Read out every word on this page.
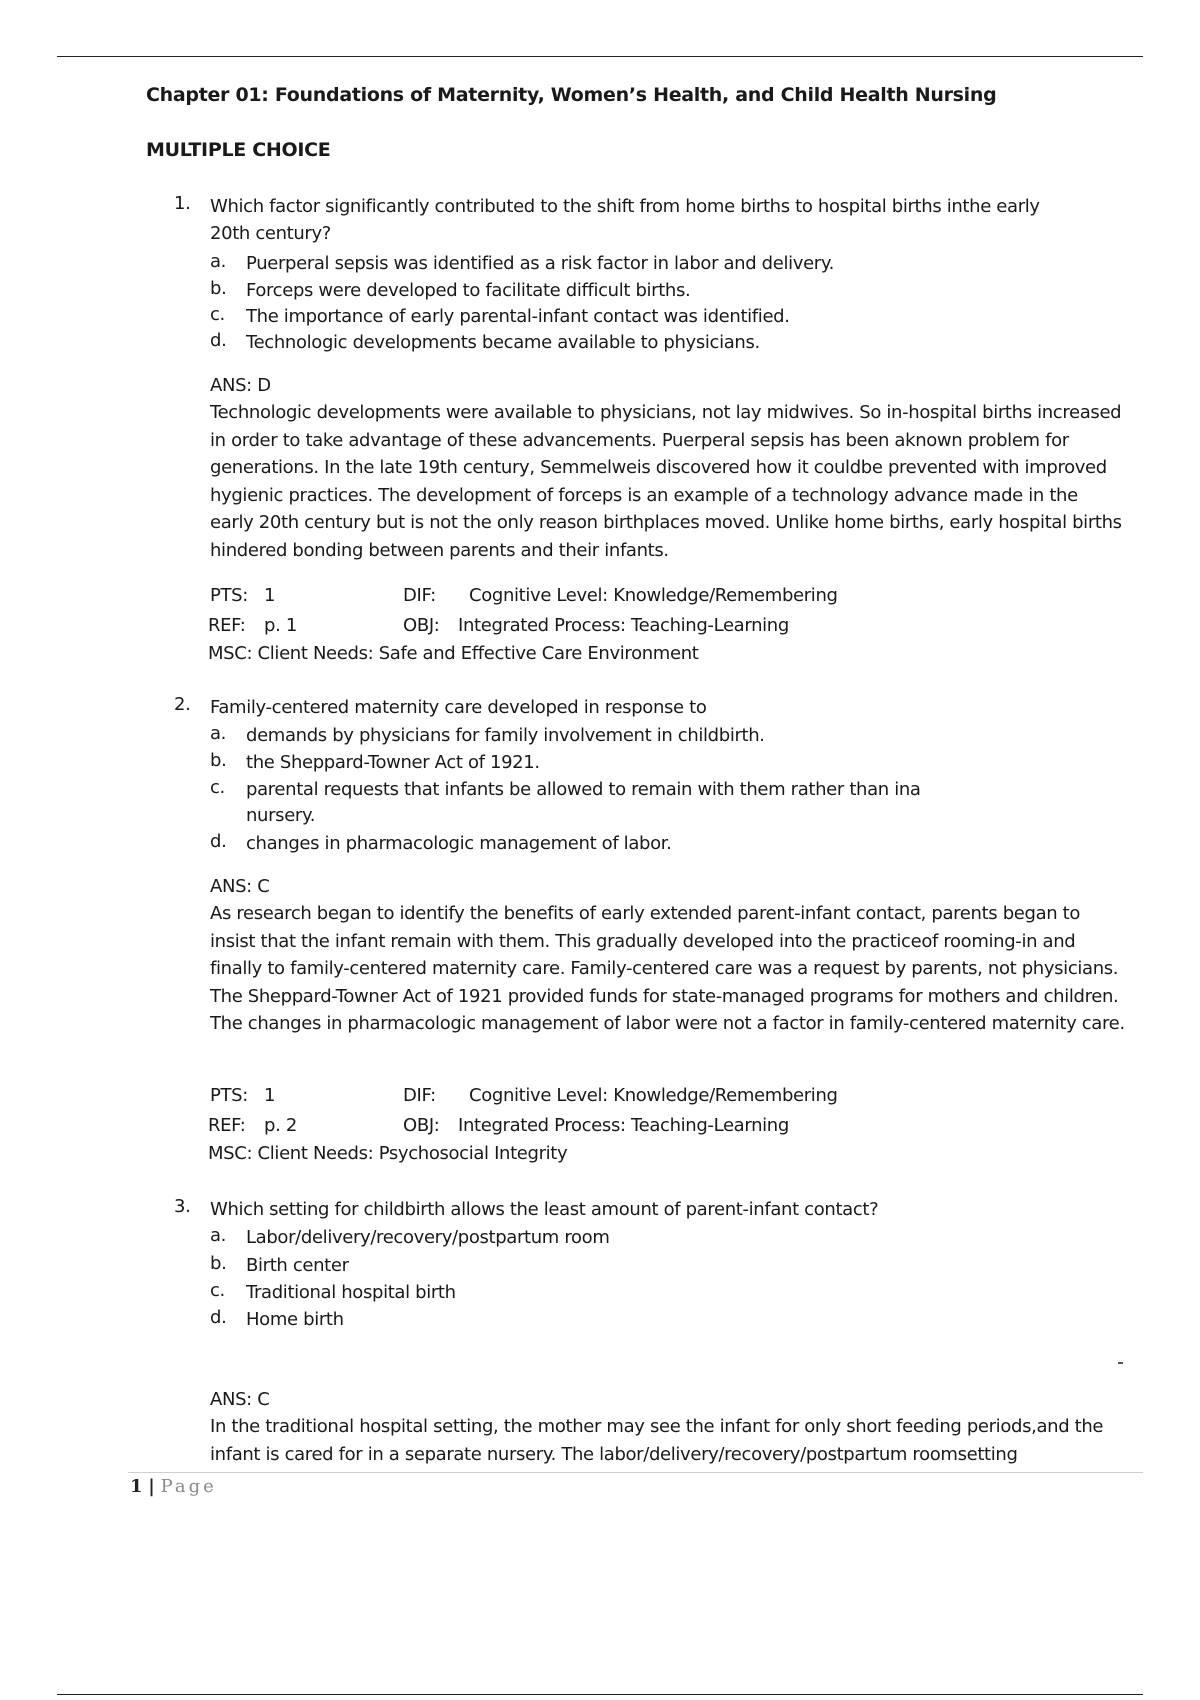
Chapter 01: Foundations of Maternity, Women’s Health, and Child Health Nursing
MULTIPLE CHOICE
1. Which factor significantly contributed to the shift from home births to hospital births inthe early 20th century?
a. Puerperal sepsis was identified as a risk factor in labor and delivery.
b. Forceps were developed to facilitate difficult births.
c. The importance of early parental-infant contact was identified.
d. Technologic developments became available to physicians.
ANS: D
Technologic developments were available to physicians, not lay midwives. So in-hospital births increased in order to take advantage of these advancements. Puerperal sepsis has been aknown problem for generations. In the late 19th century, Semmelweis discovered how it couldbe prevented with improved hygienic practices. The development of forceps is an example of a technology advance made in the early 20th century but is not the only reason birthplaces moved. Unlike home births, early hospital births hindered bonding between parents and their infants.
PTS: 1	DIF: Cognitive Level: Knowledge/Remembering
REF: p. 1	OBJ: Integrated Process: Teaching-Learning
MSC: Client Needs: Safe and Effective Care Environment
2. Family-centered maternity care developed in response to
a. demands by physicians for family involvement in childbirth.
b. the Sheppard-Towner Act of 1921.
c. parental requests that infants be allowed to remain with them rather than ina nursery.
d. changes in pharmacologic management of labor.
ANS: C
As research began to identify the benefits of early extended parent-infant contact, parents began to insist that the infant remain with them. This gradually developed into the practiceof rooming-in and finally to family-centered maternity care. Family-centered care was a request by parents, not physicians. The Sheppard-Towner Act of 1921 provided funds for state-managed programs for mothers and children. The changes in pharmacologic management of labor were not a factor in family-centered maternity care.
PTS: 1	DIF: Cognitive Level: Knowledge/Remembering
REF: p. 2	OBJ: Integrated Process: Teaching-Learning
MSC: Client Needs: Psychosocial Integrity
3. Which setting for childbirth allows the least amount of parent-infant contact?
a. Labor/delivery/recovery/postpartum room
b. Birth center
c. Traditional hospital birth
d. Home birth
ANS: C
In the traditional hospital setting, the mother may see the infant for only short feeding periods,and the infant is cared for in a separate nursery. The labor/delivery/recovery/postpartum roomsetting
1 | Page
